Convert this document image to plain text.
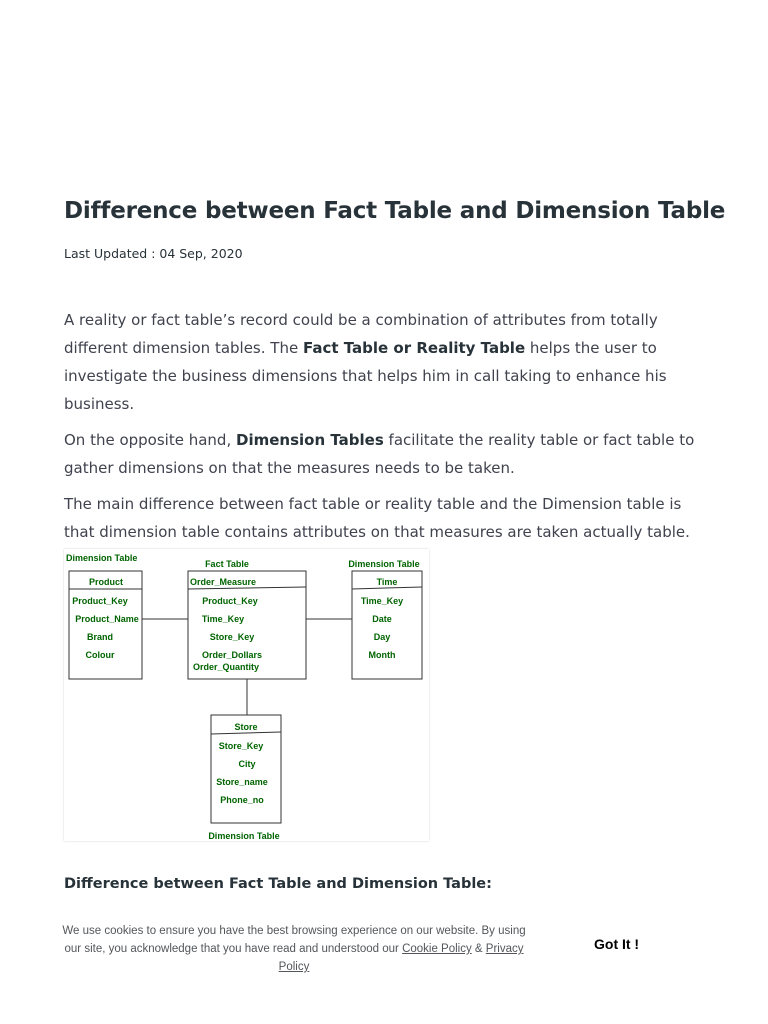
Difference between Fact Table and Dimension Table
Last Updated : 04 Sep, 2020

A reality or fact table’s record could be a combination of attributes from totally different dimension tables. The Fact Table or Reality Table helps the user to investigate the business dimensions that helps him in call taking to enhance his business.

On the opposite hand, Dimension Tables facilitate the reality table or fact table to gather dimensions on that the measures needs to be taken.

The main difference between fact table or reality table and the Dimension table is that dimension table contains attributes on that measures are taken actually table.

Dimension Table
Product
Product_Key
Product_Name
Brand
Colour
Fact Table
Order_Measure
Product_Key
Time_Key
Store_Key
Order_Dollars
Order_Quantity
Dimension Table
Time
Time_Key
Date
Day
Month
Store
Store_Key
City
Store_name
Phone_no
Dimension Table
Difference between Fact Table and Dimension Table:
We use cookies to ensure you have the best browsing experience on our website. By using our site, you acknowledge that you have read and understood our Cookie Policy & Privacy Policy
Got It !
